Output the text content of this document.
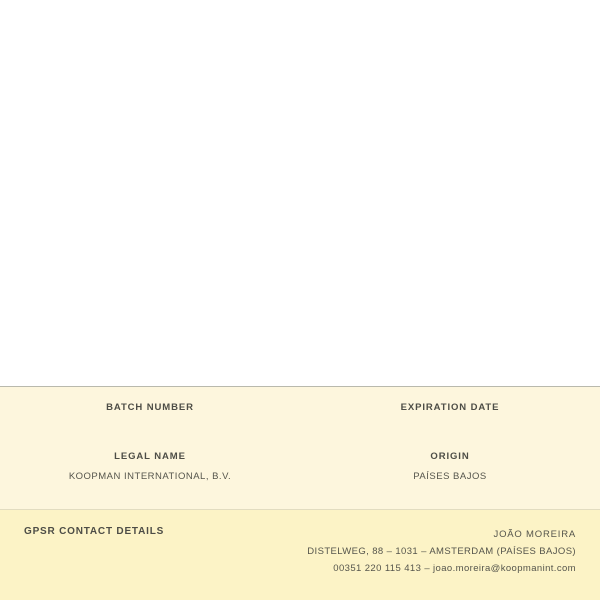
BATCH NUMBER	EXPIRATION DATE
LEGAL NAME
KOOPMAN INTERNATIONAL, B.V.
ORIGIN
PAÍSES BAJOS
GPSR CONTACT DETAILS	JOÃO MOREIRA
DISTELWEG, 88 – 1031 – AMSTERDAM (PAÍSES BAJOS)
00351 220 115 413 – joao.moreira@koopmanint.com
